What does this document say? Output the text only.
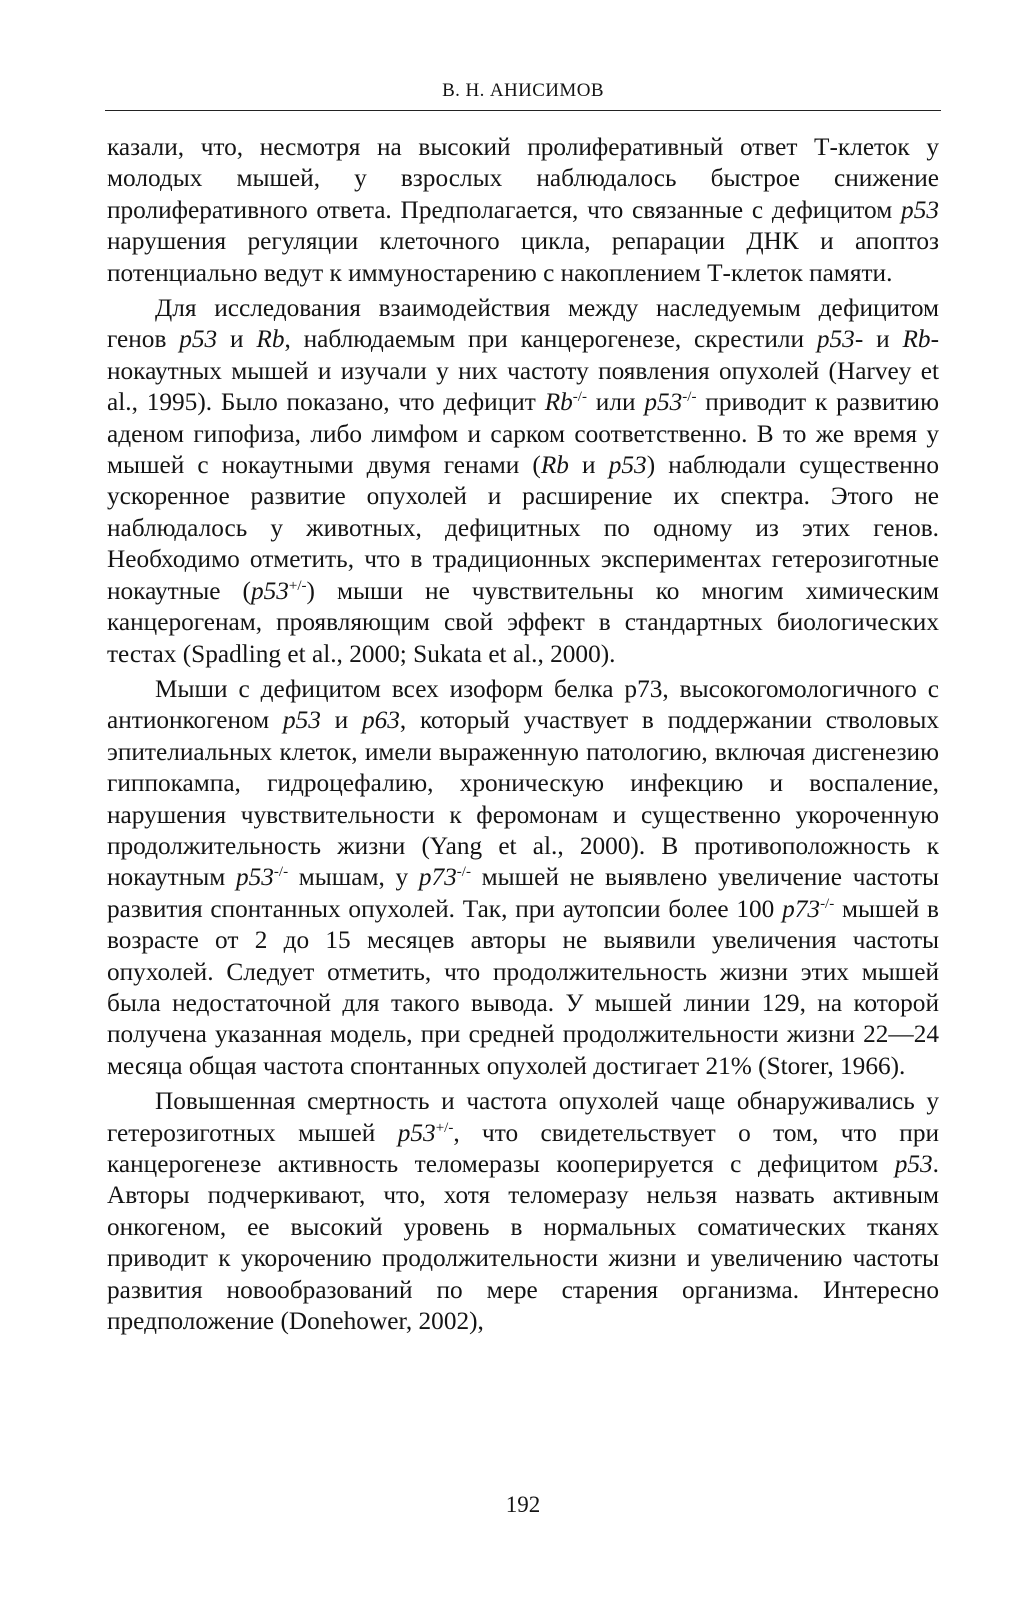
В. Н. АНИСИМОВ

казали, что, несмотря на высокий пролиферативный ответ Т-клеток у молодых мышей, у взрослых наблюдалось быстрое снижение пролиферативного ответа. Предполагается, что связанные с дефицитом p53 нарушения регуляции клеточного цикла, репарации ДНК и апоптоз потенциально ведут к иммуностарению с накоплением Т-клеток памяти.

Для исследования взаимодействия между наследуемым дефицитом генов p53 и Rb, наблюдаемым при канцерогенезе, скрестили p53- и Rb-нокаутных мышей и изучали у них частоту появления опухолей (Harvey et al., 1995). Было показано, что дефицит Rb-/- или p53-/- приводит к развитию аденом гипофиза, либо лимфом и сарком соответственно. В то же время у мышей с нокаутными двумя генами (Rb и p53) наблюдали существенно ускоренное развитие опухолей и расширение их спектра. Этого не наблюдалось у животных, дефицитных по одному из этих генов. Необходимо отметить, что в традиционных экспериментах гетерозиготные нокаутные (p53+/-) мыши не чувствительны ко многим химическим канцерогенам, проявляющим свой эффект в стандартных биологических тестах (Spadling et al., 2000; Sukata et al., 2000).

Мыши с дефицитом всех изоформ белка p73, высокогомологичного с антионкогеном p53 и p63, который участвует в поддержании стволовых эпителиальных клеток, имели выраженную патологию, включая дисгенезию гиппокампа, гидроцефалию, хроническую инфекцию и воспаление, нарушения чувствительности к феромонам и существенно укороченную продолжительность жизни (Yang et al., 2000). В противоположность к нокаутным p53-/- мышам, у p73-/- мышей не выявлено увеличение частоты развития спонтанных опухолей. Так, при аутопсии более 100 p73-/- мышей в возрасте от 2 до 15 месяцев авторы не выявили увеличения частоты опухолей. Следует отметить, что продолжительность жизни этих мышей была недостаточной для такого вывода. У мышей линии 129, на которой получена указанная модель, при средней продолжительности жизни 22—24 месяца общая частота спонтанных опухолей достигает 21% (Storer, 1966).

Повышенная смертность и частота опухолей чаще обнаруживались у гетерозиготных мышей p53+/-, что свидетельствует о том, что при канцерогенезе активность теломеразы кооперируется с дефицитом p53. Авторы подчеркивают, что, хотя теломеразу нельзя назвать активным онкогеном, ее высокий уровень в нормальных соматических тканях приводит к укорочению продолжительности жизни и увеличению частоты развития новообразований по мере старения организма. Интересно предположение (Donehower, 2002),

192
